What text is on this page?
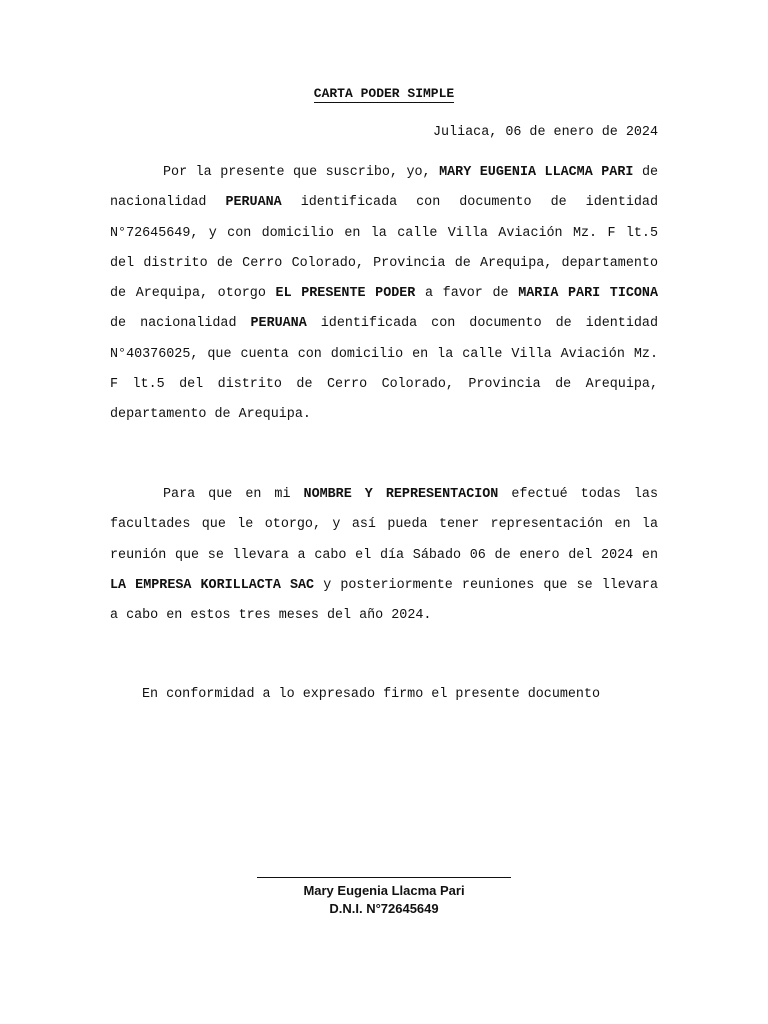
CARTA PODER SIMPLE
Juliaca, 06 de enero de 2024

Por la presente que suscribo, yo, MARY EUGENIA LLACMA PARI de nacionalidad PERUANA identificada con documento de identidad N°72645649, y con domicilio en la calle Villa Aviación Mz. F lt.5 del distrito de Cerro Colorado, Provincia de Arequipa, departamento de Arequipa, otorgo EL PRESENTE PODER a favor de MARIA PARI TICONA de nacionalidad PERUANA identificada con documento de identidad N°40376025, que cuenta con domicilio en la calle Villa Aviación Mz. F lt.5 del distrito de Cerro Colorado, Provincia de Arequipa, departamento de Arequipa.

Para que en mi NOMBRE Y REPRESENTACION efectué todas las facultades que le otorgo, y así pueda tener representación en la reunión que se llevara a cabo el día Sábado 06 de enero del 2024 en LA EMPRESA KORILLACTA SAC y posteriormente reuniones que se llevara a cabo en estos tres meses del año 2024.

En conformidad a lo expresado firmo el presente documento
Mary Eugenia Llacma Pari
D.N.I. N°72645649
